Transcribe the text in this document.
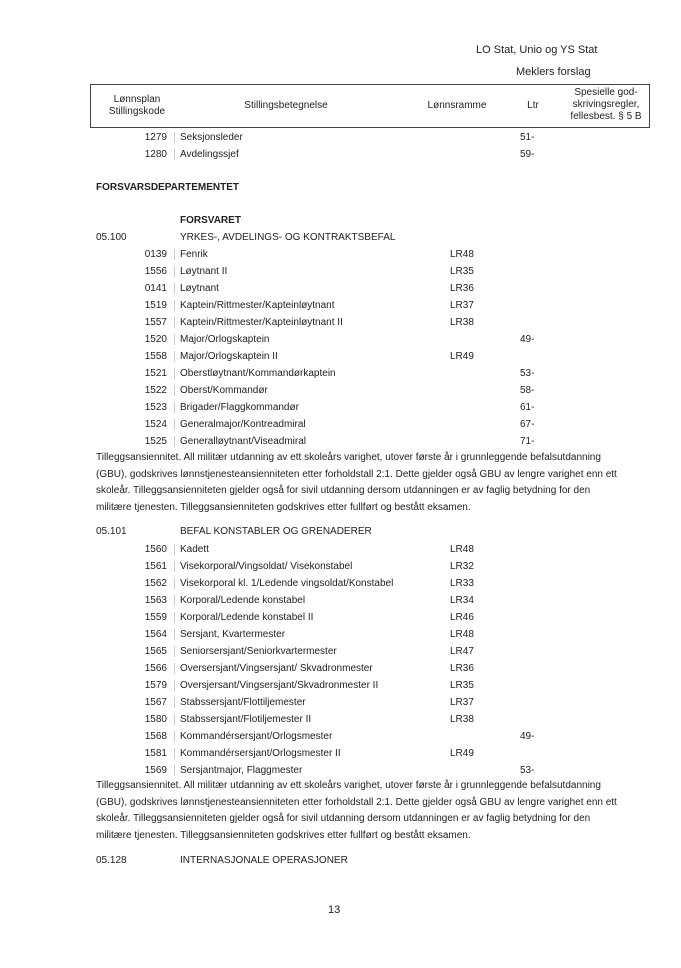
LO Stat, Unio og YS Stat
Meklers forslag
Lønnsplan
Stillingskode
Stillingsbetegnelse	Lønnsramme	Ltr
Spesielle god-
skrivingsregler,
fellesbest. § 5 B
1279 Seksjonsleder	51-
1280 Avdelingssjef	59-
FORSVARSDEPARTEMENTET
FORSVARET
05.100	YRKES-, AVDELINGS- OG KONTRAKTSBEFAL
0139 Fenrik	LR48
1556 Løytnant II	LR35
0141 Løytnant	LR36
1519 Kaptein/Rittmester/Kapteinløytnant	LR37
1557 Kaptein/Rittmester/Kapteinløytnant II	LR38
1520 Major/Orlogskaptein	49-
1558 Major/Orlogskaptein II	LR49
1521 Oberstløytnant/Kommandørkaptein	53-
1522 Oberst/Kommandør	58-
1523 Brigader/Flaggkommandør	61-
1524 Generalmajor/Kontreadmiral	67-
1525 Generalløytnant/Viseadmiral	71-
Tilleggsansiennitet. All militær utdanning av ett skoleårs varighet, utover første år i grunnleggende befalsutdanning
(GBU), godskrives lønnstjenesteansienniteten etter forholdstall 2:1. Dette gjelder også GBU av lengre varighet enn ett
skoleår. Tilleggsansienniteten gjelder også for sivil utdanning dersom utdanningen er av faglig betydning for den
militære tjenesten. Tilleggsansienniteten godskrives etter fullført og bestått eksamen.
05.101	BEFAL KONSTABLER OG GRENADERER
1560 Kadett	LR48
1561 Visekorporal/Vingsoldat/ Visekonstabel	LR32
1562 Visekorporal kl. 1/Ledende vingsoldat/Konstabel	LR33
1563 Korporal/Ledende konstabel	LR34
1559 Korporal/Ledende konstabel II	LR46
1564 Sersjant, Kvartermester	LR48
1565 Seniorsersjant/Seniorkvartermester	LR47
1566 Oversersjant/Vingsersjant/ Skvadronmester	LR36
1579 Oversjersant/Vingsersjant/Skvadronmester II	LR35
1567 Stabssersjant/Flottiljemester	LR37
1580 Stabssersjant/Flotiljemester II	LR38
1568 Kommandérsersjant/Orlogsmester	49-
1581 Kommandérsersjant/Orlogsmester II	LR49
1569 Sersjantmajor, Flaggmester	53-
Tilleggsansiennitet. All militær utdanning av ett skoleårs varighet, utover første år i grunnleggende befalsutdanning
(GBU), godskrives lønnstjenesteansienniteten etter forholdstall 2:1. Dette gjelder også GBU av lengre varighet enn ett
skoleår. Tilleggsansienniteten gjelder også for sivil utdanning dersom utdanningen er av faglig betydning for den
militære tjenesten. Tilleggsansienniteten godskrives etter fullført og bestått eksamen.
05.128	INTERNASJONALE OPERASJONER
13
